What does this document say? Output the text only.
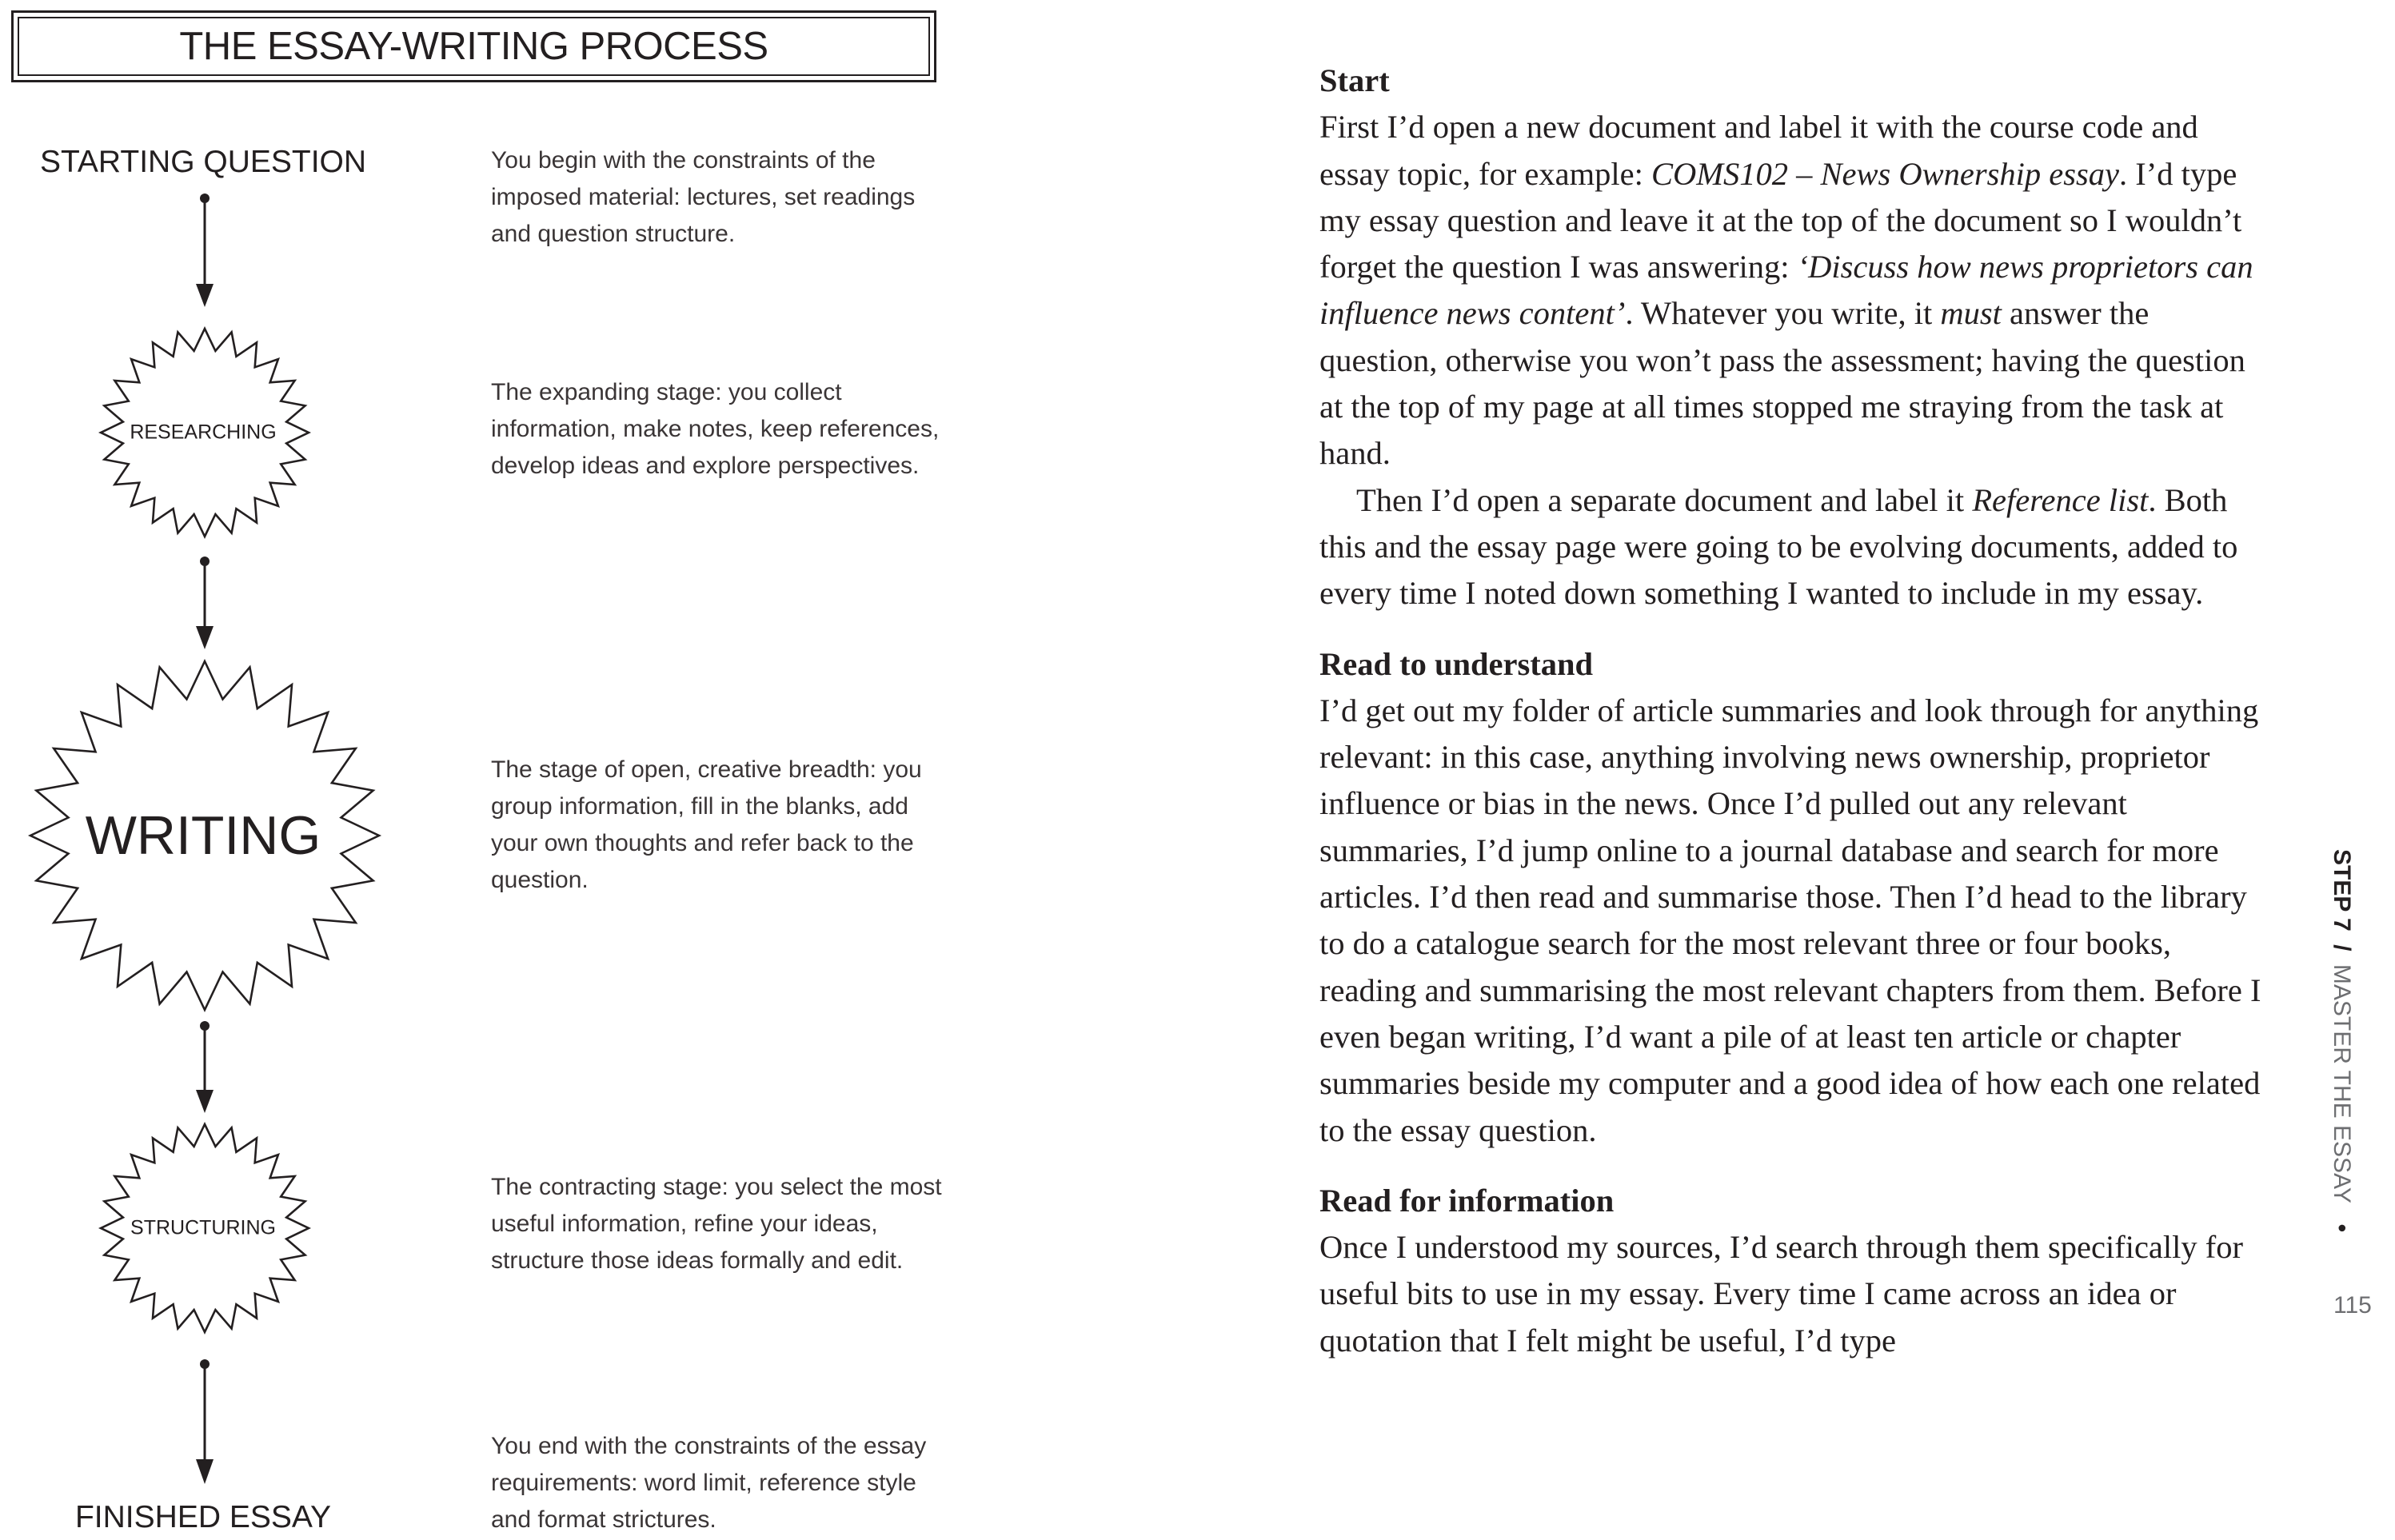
THE ESSAY-WRITING PROCESS
STARTING QUESTION
RESEARCHING
WRITING
STRUCTURING
FINISHED ESSAY
You begin with the constraints of the imposed material: lectures, set readings and question structure.
The expanding stage: you collect information, make notes, keep references, develop ideas and explore perspectives.
The stage of open, creative breadth: you group information, fill in the blanks, add your own thoughts and refer back to the question.
The contracting stage: you select the most useful information, refine your ideas, structure those ideas formally and edit.
You end with the constraints of the essay requirements: word limit, reference style and format strictures.

Start

First I’d open a new document and label it with the course code and essay topic, for example: COMS102 – News Ownership essay. I’d type my essay question and leave it at the top of the document so I wouldn’t forget the question I was answering: ‘Discuss how news proprietors can influence news content’. Whatever you write, it must answer the question, otherwise you won’t pass the assessment; having the question at the top of my page at all times stopped me straying from the task at hand.

Then I’d open a separate document and label it Reference list. Both this and the essay page were going to be evolving documents, added to every time I noted down something I wanted to include in my essay.

Read to understand

I’d get out my folder of article summaries and look through for anything relevant: in this case, anything involving news ownership, proprietor influence or bias in the news. Once I’d pulled out any relevant summaries, I’d jump online to a journal database and search for more articles. I’d then read and summarise those. Then I’d head to the library to do a catalogue search for the most relevant three or four books, reading and summarising the most relevant chapters from them. Before I even began writing, I’d want a pile of at least ten article or chapter summaries beside my computer and a good idea of how each one related to the essay question.

Read for information

Once I understood my sources, I’d search through them specifically for useful bits to use in my essay. Every time I came across an idea or quotation that I felt might be useful, I’d type

STEP 7 / MASTER THE ESSAY •
115
